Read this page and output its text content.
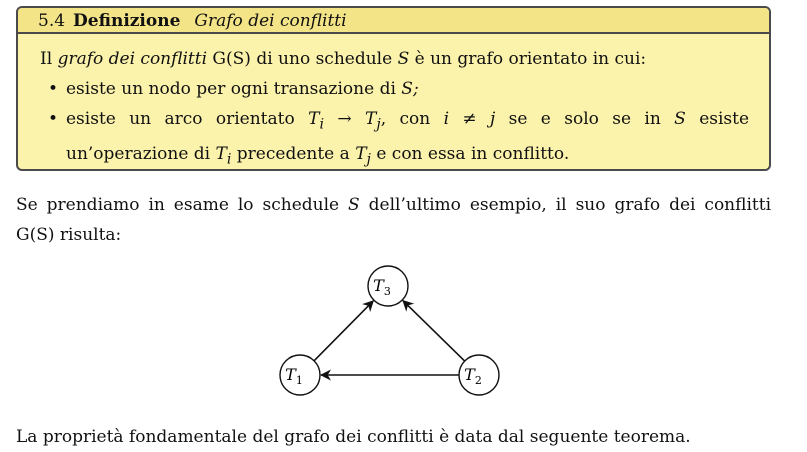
5.4 Definizione Grafo dei conflitti
Il grafo dei conflitti G(S) di uno schedule S è un grafo orientato in cui:
• esiste un nodo per ogni transazione di S;
• esiste un arco orientato $T_i \to T_j$, con i ≠ j se e solo se in S esiste
un’operazione di $T_i$ precedente a $T_j$ e con essa in conflitto.
Se prendiamo in esame lo schedule S dell’ultimo esempio, il suo grafo dei conflitti
G(S) risulta:
$T_3$
$T_1$	$T_2$
La proprietà fondamentale del grafo dei conflitti è data dal seguente teorema.
